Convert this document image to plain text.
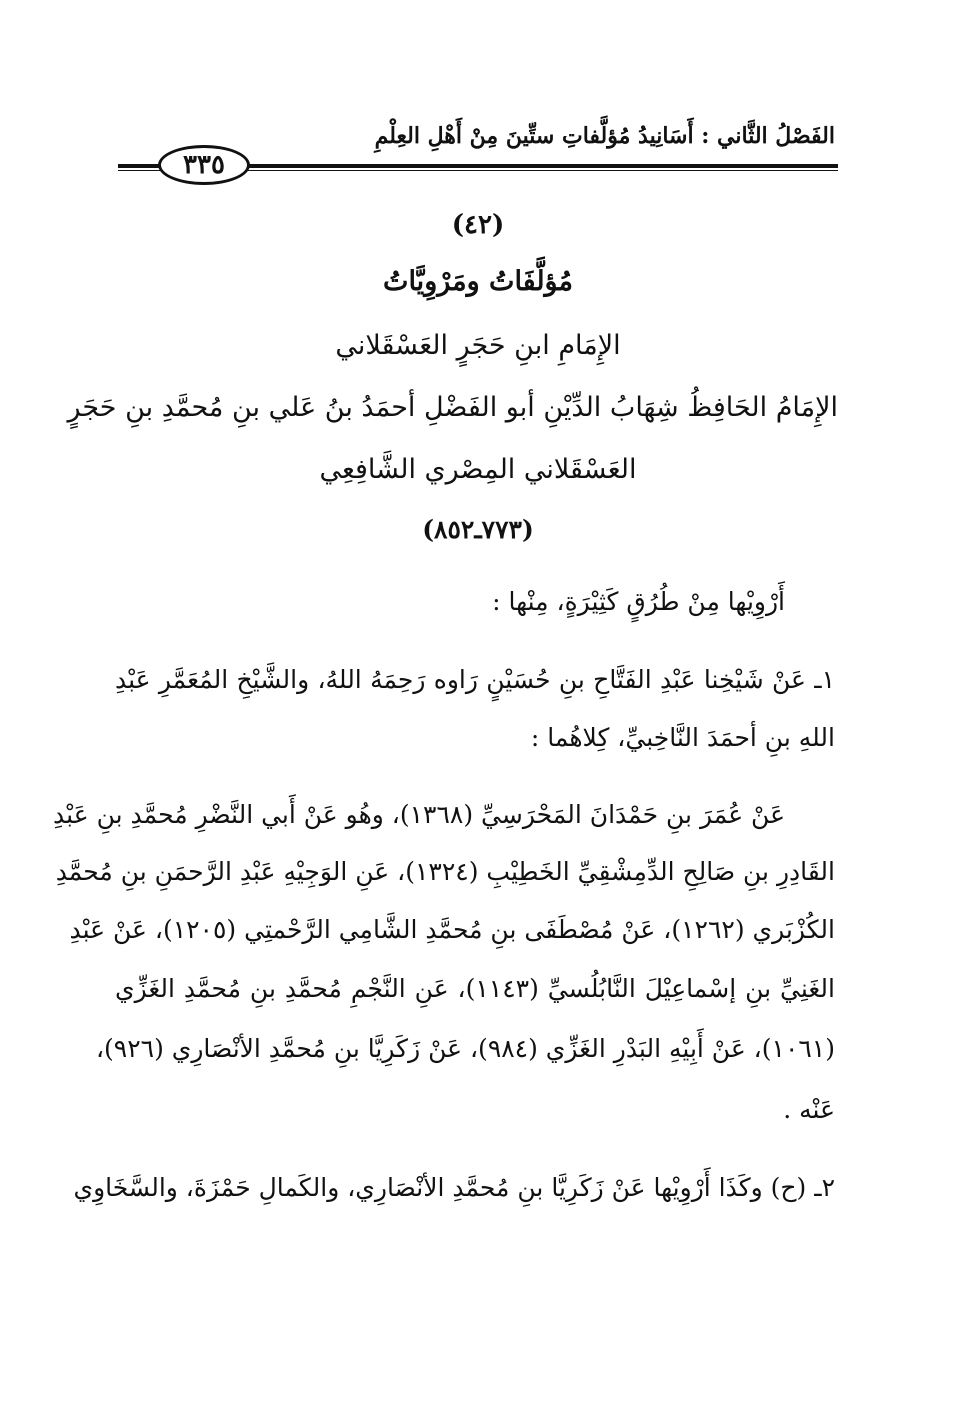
الفَصْلُ الثَّاني : أَسَانِيدُ مُؤلَّفاتِ ستِّينَ مِنْ أَهْلِ العِلْمِ
٣٣٥
(٤٢)
مُؤلَّفَاتُ ومَرْوِيَّاتُ
الإِمَامِ ابنِ حَجَرٍ العَسْقَلاني
الإِمَامُ الحَافِظُ شِهَابُ الدِّيْنِ أبو الفَضْلِ أحمَدُ بنُ عَلي بنِ مُحمَّدِ بنِ حَجَرٍ
العَسْقَلاني المِصْري الشَّافِعِي
(٧٧٣ـ٨٥٢)
أَرْوِيْها مِنْ طُرُقٍ كَثِيْرَةٍ، مِنْها :
١ـ عَنْ شَيْخِنا عَبْدِ الفَتَّاحِ بنِ حُسَيْنٍ رَاوه رَحِمَهُ اللهُ، والشَّيْخِ المُعَمَّرِ عَبْدِ
اللهِ بنِ أحمَدَ النَّاخِبيِّ، كِلاهُما :
عَنْ عُمَرَ بنِ حَمْدَانَ المَحْرَسِيِّ (١٣٦٨)، وهُو عَنْ أَبي النَّضْرِ مُحمَّدِ بنِ عَبْدِ
القَادِرِ بنِ صَالِحِ الدِّمِشْقِيِّ الخَطِيْبِ (١٣٢٤)، عَنِ الوَجِيْهِ عَبْدِ الرَّحمَنِ بنِ مُحمَّدِ
الكُزْبَري (١٢٦٢)، عَنْ مُصْطَفَى بنِ مُحمَّدِ الشَّامِي الرَّحْمتِي (١٢٠٥)، عَنْ عَبْدِ
الغَنِيِّ بنِ إسْماعِيْلَ النَّابُلُسيِّ (١١٤٣)، عَنِ النَّجْمِ مُحمَّدِ بنِ مُحمَّدِ الغَزِّي
(١٠٦١)، عَنْ أَبِيْهِ البَدْرِ الغَزِّي (٩٨٤)، عَنْ زَكَرِيَّا بنِ مُحمَّدِ الأنْصَارِي (٩٢٦)،
عَنْه .
٢ـ (ح) وكَذَا أَرْوِيْها عَنْ زَكَرِيَّا بنِ مُحمَّدِ الأنْصَارِي، والكَمالِ حَمْزَةَ، والسَّخَاوِي
